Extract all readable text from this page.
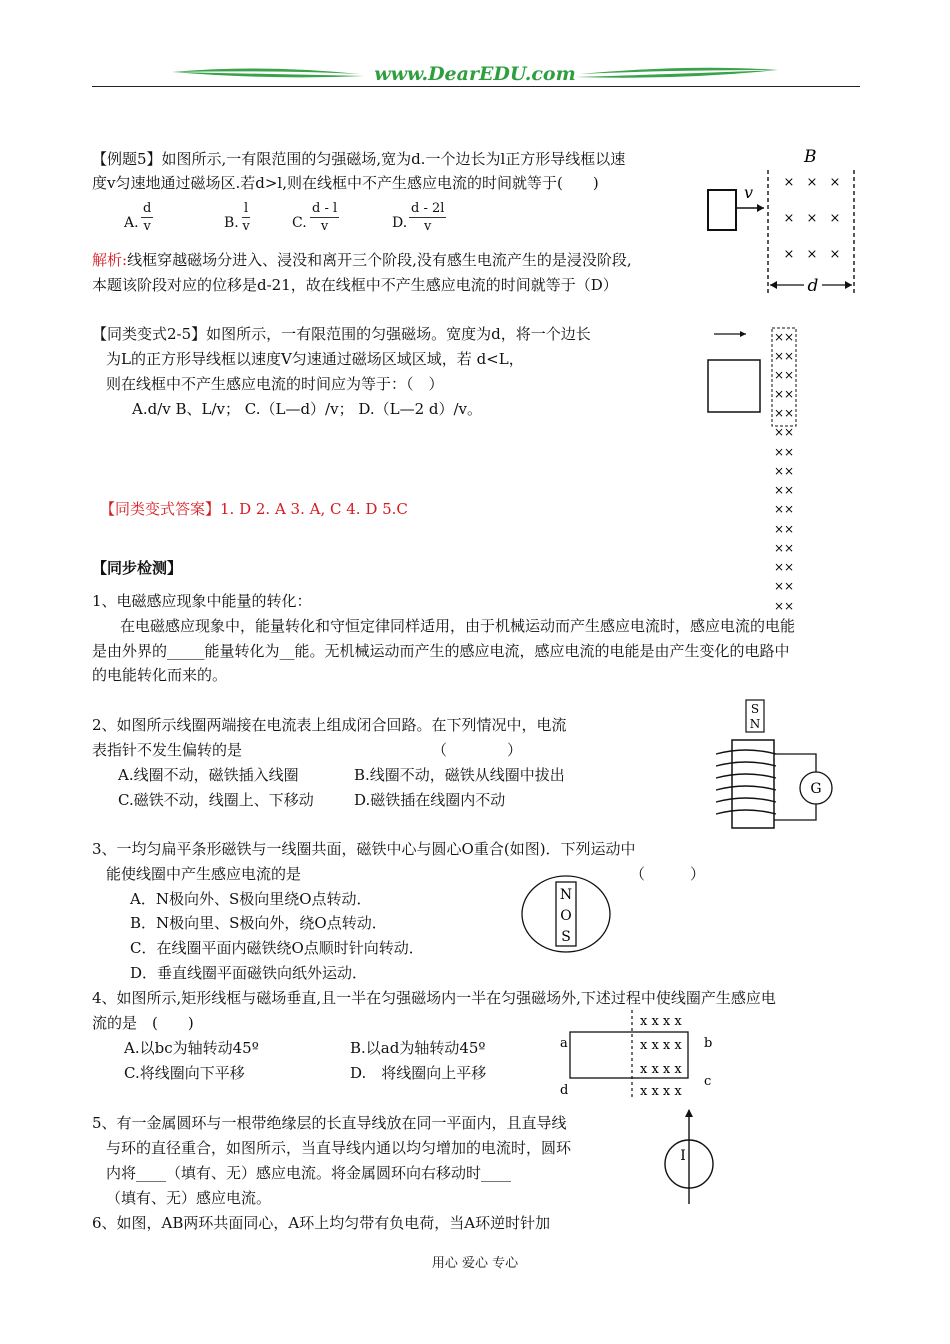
www.DearEDU.com
【例题5】如图所示,一有限范围的匀强磁场,宽为d.一个边长为l正方形导线框以速
度v匀速地通过磁场区.若d>l,则在线框中不产生感应电流的时间就等于(　　)
A. $\frac{d}{v}$	B. $\frac{l}{v}$	C. $\frac{d - l}{v}$	D. $\frac{d - 2l}{v}$
解析:线框穿越磁场分进入、浸没和离开三个阶段,没有感生电流产生的是浸没阶段,
本题该阶段对应的位移是d-21，故在线框中不产生感应电流的时间就等于（D）
B
v
× × ×
× × ×
× × ×
d
【同类变式2-5】如图所示，一有限范围的匀强磁场。宽度为d，将一个边长
为L的正方形导线框以速度V匀速通过磁场区域区域，若 d<L，
则在线框中不产生感应电流的时间应为等于：（　）
A.d/v B、L/v； C.（L—d）/v； D.（L—2 d）/v。
××
××
××
××
××
××
××
××
××
××
××
××
××
××
××
【同类变式答案】1. D 2. A 3. A, C 4. D 5.C
【同步检测】
1、电磁感应现象中能量的转化：
在电磁感应现象中，能量转化和守恒定律同样适用，由于机械运动而产生感应电流时，感应电流的电能
是由外界的_____能量转化为__能。无机械运动而产生的感应电流，感应电流的电能是由产生变化的电路中
的电能转化而来的。
2、如图所示线圈两端接在电流表上组成闭合回路。在下列情况中，电流
表指针不发生偏转的是	（　　　　）
A.线圈不动，磁铁插入线圈	B.线圈不动，磁铁从线圈中拔出
C.磁铁不动，线圈上、下移动	D.磁铁插在线圈内不动
S
N
G
3、一均匀扁平条形磁铁与一线圈共面，磁铁中心与圆心O重合(如图)．下列运动中
能使线圈中产生感应电流的是	（　　　）
A．N极向外、S极向里绕O点转动．
B．N极向里、S极向外，绕O点转动．
C．在线圈平面内磁铁绕O点顺时针向转动．
D．垂直线圈平面磁铁向纸外运动．
N
O
S
4、如图所示,矩形线框与磁场垂直,且一半在匀强磁场内一半在匀强磁场外,下述过程中使线圈产生感应电
流的是　(　　)
A.以bc为轴转动45º	B.以ad为轴转动45º
C.将线圈向下平移	D.　将线圈向上平移
x x x x
x x x x
x x x x
x x x x
a	b
c
d
5、有一金属圆环与一根带绝缘层的长直导线放在同一平面内，且直导线
与环的直径重合，如图所示，当直导线内通以均匀增加的电流时，圆环
内将____（填有、无）感应电流。将金属圆环向右移动时____
（填有、无）感应电流。
I
6、如图，AB两环共面同心，A环上均匀带有负电荷，当A环逆时针加
用心 爱心 专心
